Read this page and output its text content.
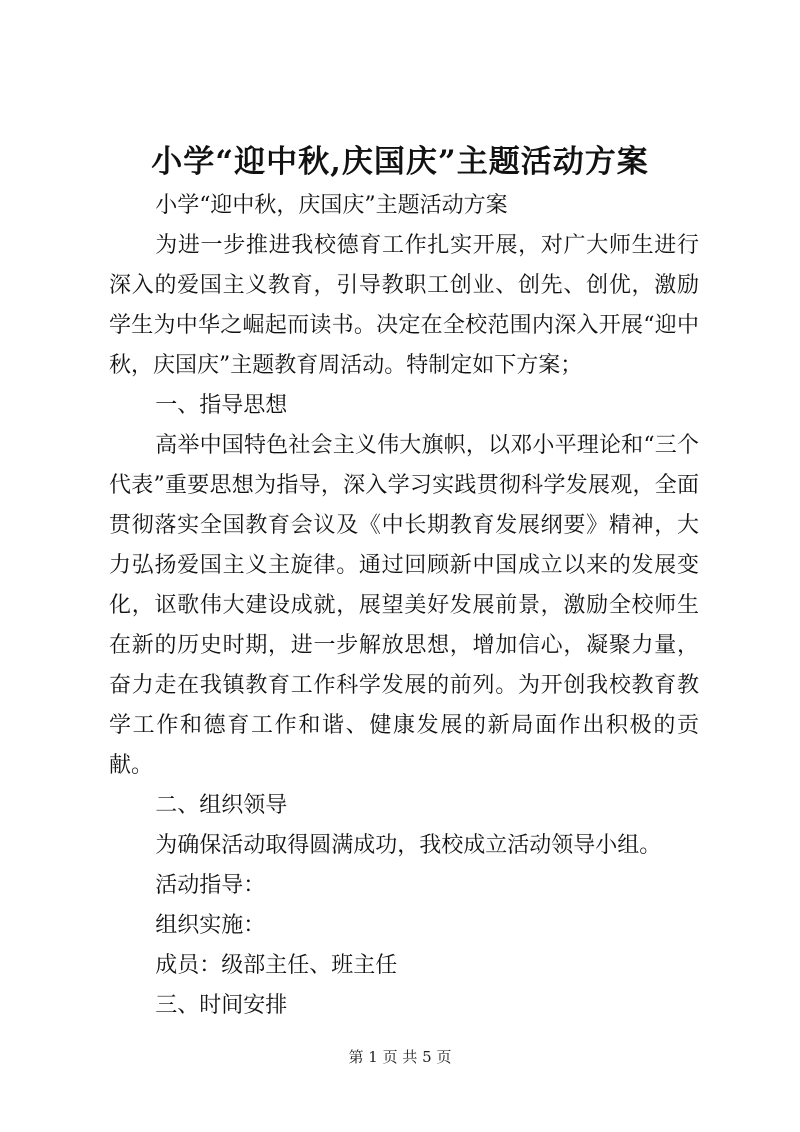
小学“迎中秋,庆国庆”主题活动方案

小学“迎中秋，庆国庆”主题活动方案

为进一步推进我校德育工作扎实开展，对广大师生进行深入的爱国主义教育，引导教职工创业、创先、创优，激励学生为中华之崛起而读书。决定在全校范围内深入开展“迎中秋，庆国庆”主题教育周活动。特制定如下方案；

一、指导思想

高举中国特色社会主义伟大旗帜，以邓小平理论和“三个代表”重要思想为指导，深入学习实践贯彻科学发展观，全面贯彻落实全国教育会议及《中长期教育发展纲要》精神，大力弘扬爱国主义主旋律。通过回顾新中国成立以来的发展变化，讴歌伟大建设成就，展望美好发展前景，激励全校师生在新的历史时期，进一步解放思想，增加信心，凝聚力量，奋力走在我镇教育工作科学发展的前列。为开创我校教育教学工作和德育工作和谐、健康发展的新局面作出积极的贡献。

二、组织领导

为确保活动取得圆满成功，我校成立活动领导小组。

活动指导：

组织实施：

成员：级部主任、班主任

三、时间安排

第 1 页 共 5 页
